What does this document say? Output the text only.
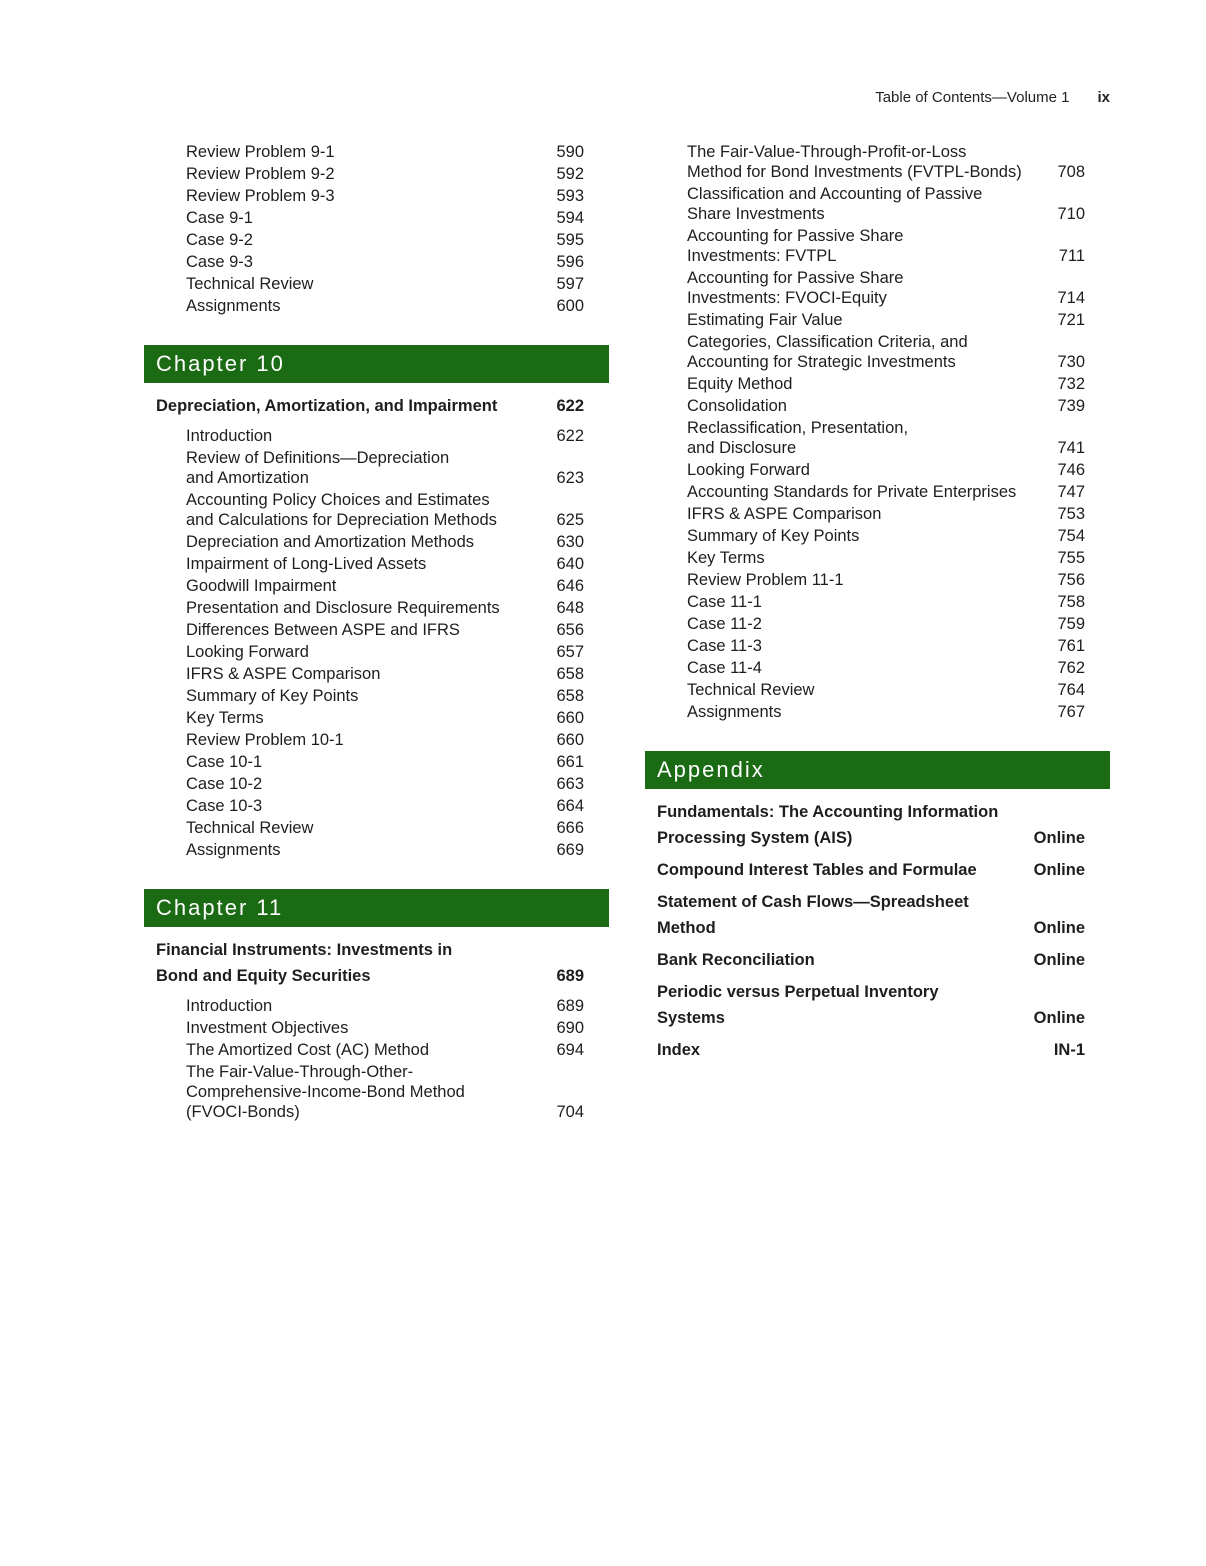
Table of Contents—Volume 1 ix
Review Problem 9-1	590
Review Problem 9-2	592
Review Problem 9-3	593
Case 9-1	594
Case 9-2	595
Case 9-3	596
Technical Review	597
Assignments	600
Chapter 10
Depreciation, Amortization, and Impairment	622
Introduction	622
Review of Definitions—Depreciation
and Amortization	623
Accounting Policy Choices and Estimates
and Calculations for Depreciation Methods	625
Depreciation and Amortization Methods	630
Impairment of Long-Lived Assets	640
Goodwill Impairment	646
Presentation and Disclosure Requirements	648
Differences Between ASPE and IFRS	656
Looking Forward	657
IFRS & ASPE Comparison	658
Summary of Key Points	658
Key Terms	660
Review Problem 10-1	660
Case 10-1	661
Case 10-2	663
Case 10-3	664
Technical Review	666
Assignments	669
Chapter 11
Financial Instruments: Investments in
Bond and Equity Securities	689
Introduction	689
Investment Objectives	690
The Amortized Cost (AC) Method	694
The Fair-Value-Through-Other-
Comprehensive-Income-Bond Method
(FVOCI-Bonds)	704
The Fair-Value-Through-Profit-or-Loss
Method for Bond Investments (FVTPL-Bonds) 708
Classification and Accounting of Passive
Share Investments	710
Accounting for Passive Share
Investments: FVTPL	711
Accounting for Passive Share
Investments: FVOCI-Equity	714
Estimating Fair Value	721
Categories, Classification Criteria, and
Accounting for Strategic Investments	730
Equity Method	732
Consolidation	739
Reclassification, Presentation,
and Disclosure	741
Looking Forward	746
Accounting Standards for Private Enterprises 747
IFRS & ASPE Comparison	753
Summary of Key Points	754
Key Terms	755
Review Problem 11-1	756
Case 11-1	758
Case 11-2	759
Case 11-3	761
Case 11-4	762
Technical Review	764
Assignments	767
Appendix
Fundamentals: The Accounting Information
Processing System (AIS)	Online
Compound Interest Tables and Formulae	Online
Statement of Cash Flows—Spreadsheet
Method	Online
Bank Reconciliation	Online
Periodic versus Perpetual Inventory
Systems	Online
Index	IN-1
